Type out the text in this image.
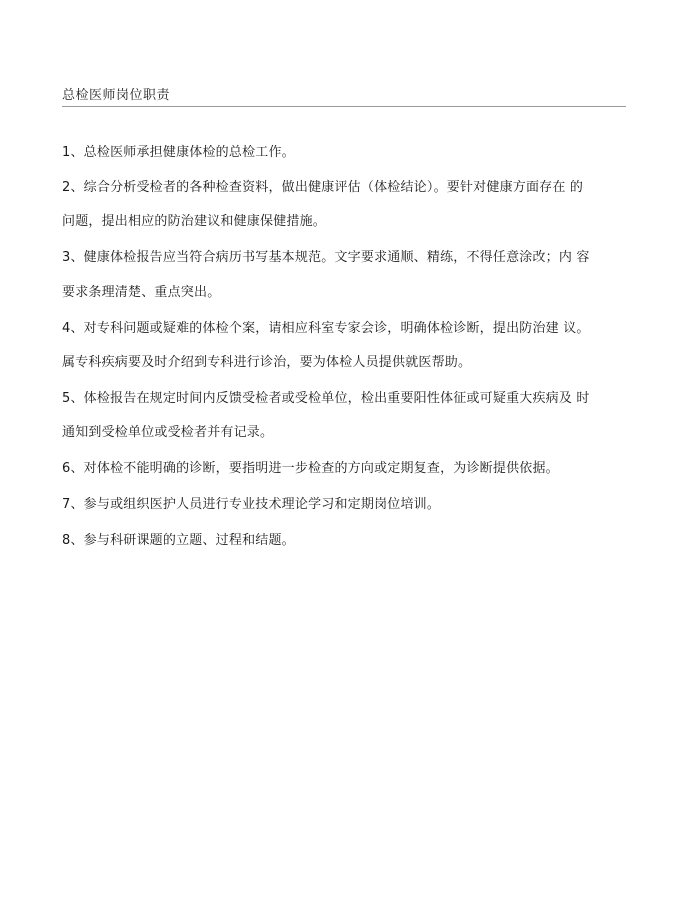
总检医师岗位职责
1、总检医师承担健康体检的总检工作。
2、综合分析受检者的各种检查资料，做出健康评估（体检结论）。要针对健康方面存在 的
问题，提出相应的防治建议和健康保健措施。
3、健康体检报告应当符合病历书写基本规范。文字要求通顺、精练，不得任意涂改；内 容
要求条理清楚、重点突出。
4、对专科问题或疑难的体检个案，请相应科室专家会诊，明确体检诊断，提出防治建 议。
属专科疾病要及时介绍到专科进行诊治，要为体检人员提供就医帮助。
5、体检报告在规定时间内反馈受检者或受检单位，检出重要阳性体征或可疑重大疾病及 时
通知到受检单位或受检者并有记录。
6、对体检不能明确的诊断，要指明进一步检查的方向或定期复查，为诊断提供依据。
7、参与或组织医护人员进行专业技术理论学习和定期岗位培训。
8、参与科研课题的立题、过程和结题。
